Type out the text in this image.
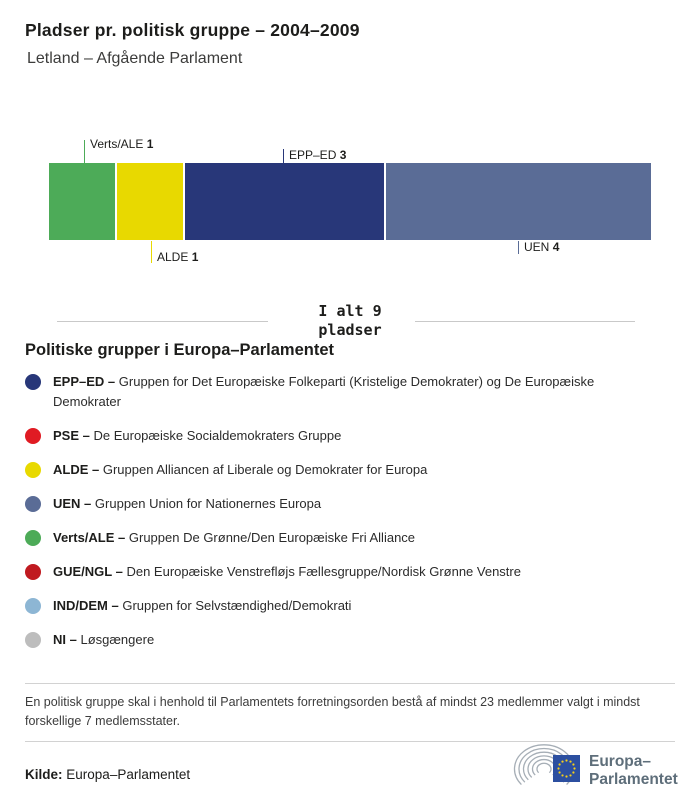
Pladser pr. politisk gruppe – 2004–2009
Letland – Afgående Parlament
Verts/ALE 1
EPP–ED 3
ALDE 1
UEN 4
I alt 9
pladser
Politiske grupper i Europa–Parlamentet

EPP–ED – Gruppen for Det Europæiske Folkeparti (Kristelige Demokrater) og De Europæiske Demokrater

PSE – De Europæiske Socialdemokraters Gruppe

ALDE – Gruppen Alliancen af Liberale og Demokrater for Europa

UEN – Gruppen Union for Nationernes Europa

Verts/ALE – Gruppen De Grønne/Den Europæiske Fri Alliance

GUE/NGL – Den Europæiske Venstrefløjs Fællesgruppe/Nordisk Grønne Venstre

IND/DEM – Gruppen for Selvstændighed/Demokrati

NI – Løsgængere

En politisk gruppe skal i henhold til Parlamentets forretningsorden bestå af mindst 23 medlemmer valgt i mindst forskellige 7 medlemsstater.
Kilde: Europa–Parlamentet
Europa–
Parlamentet
